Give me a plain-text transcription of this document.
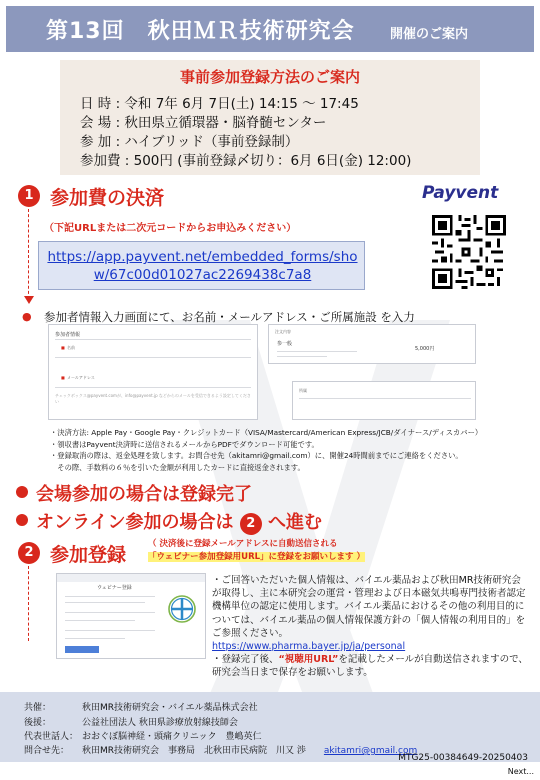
第13回　秋田ＭＲ技術研究会	開催のご案内
事前参加登録方法のご案内
日 時 : 令和 7年 6月 7日(土) 14:15 ～ 17:45
会 場 : 秋田県立循環器・脳脊髄センター
参 加 : ハイブリッド（事前登録制）
参加費 : 500円 (事前登録〆切り：6月 6日(金) 12:00)
1 参加費の決済
（下記URLまたは二次元コードからお申込みください）
Payvent
https://app.payvent.net/embedded_forms/show/67c00d01027ac2269438c7a8
● 参加者情報入力画面にて、お名前・メールアドレス・ご所属施設 を入力
参加者情報
■ 名前
■ メールアドレス
チェックボックス@payvent.comが、info@payvent.jp などからのメールを受信できるよう設定してください
注文内容
参一般
5,000円
所属
・決済方法: Apple Pay・Google Pay・クレジットカード（VISA/Mastercard/American Express/JCB/ダイナース/ディスカバー）
・領収書はPayvent決済時に送信されるメールからPDFでダウンロード可能です。
・登録取消の際は、返金処理を致します。お問合せ先（akitamri@gmail.com）に、開催24時間前までにご連絡をください。
　その際、手数料の６％を引いた金額が利用したカードに直接返金されます。
会場参加の場合は登録完了
オンライン参加の場合は 2 へ進む
2 参加登録	（ 決済後に登録メールアドレスに自動送信される
「ウェビナー参加登録用URL」に登録をお願いします ）
ウェビナー登録
・ご回答いただいた個人情報は、バイエル薬品および秋田MR技術研究会が取得し、主に本研究会の運営・管理および日本磁気共鳴専門技術者認定機構単位の認定に使用します。バイエル薬品におけるその他の利用目的については、バイエル薬品の個人情報保護方針の「個人情報の利用目的」をご参照ください。
https://www.pharma.bayer.jp/ja/personal
・登録完了後、“視聴用URL”を記載したメールが自動送信されますので、研究会当日まで保存をお願いします。
共催：	秋田MR技術研究会・バイエル薬品株式会社
後援：	公益社団法人 秋田県診療放射線技師会
代表世話人： おおぐぼ脳神経・頭痛クリニック　豊嶋英仁
問合せ先： 秋田MR技術研究会　事務局　北秋田市民病院　川又 渉　　 akitamri@gmail.com
MTG25-00384649-20250403
Next...
